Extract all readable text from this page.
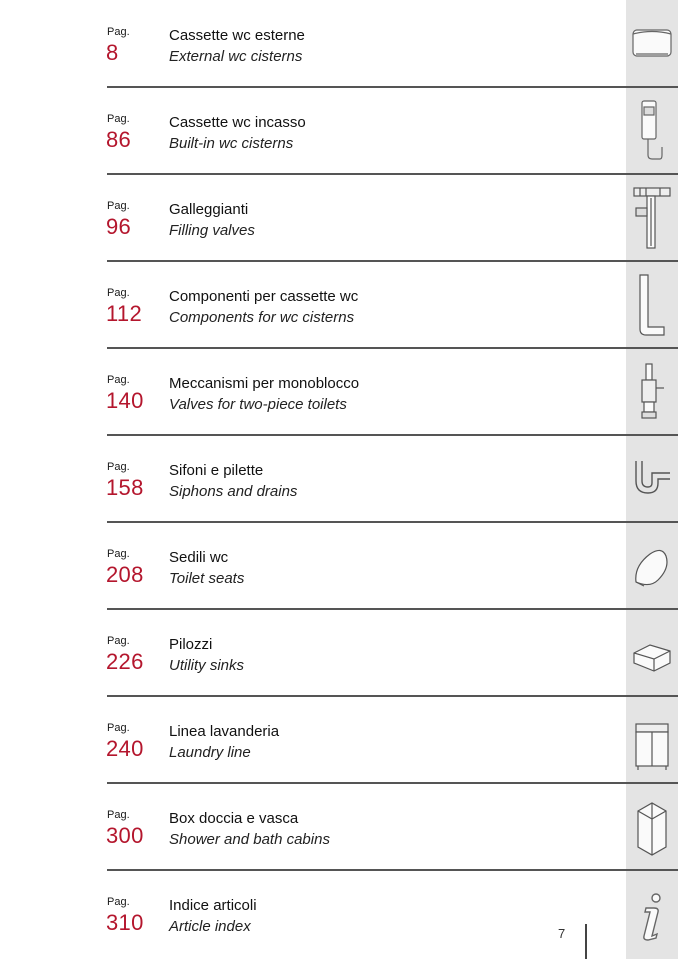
Pag.
8
Cassette wc esterne
External wc cisterns
Pag.
86
Cassette wc incasso
Built-in wc cisterns
Pag.
96
Galleggianti
Filling valves
Pag.
112
Componenti per cassette wc
Components for wc cisterns
Pag.
140
Meccanismi per monoblocco
Valves for two-piece toilets
Pag.
158
Sifoni e pilette
Siphons and drains
Pag.
208
Sedili wc
Toilet seats
Pag.
226
Pilozzi
Utility sinks
Pag.
240
Linea lavanderia
Laundry line
Pag.
300
Box doccia e vasca
Shower and bath cabins
Pag.
310
Indice articoli
Article index	7
